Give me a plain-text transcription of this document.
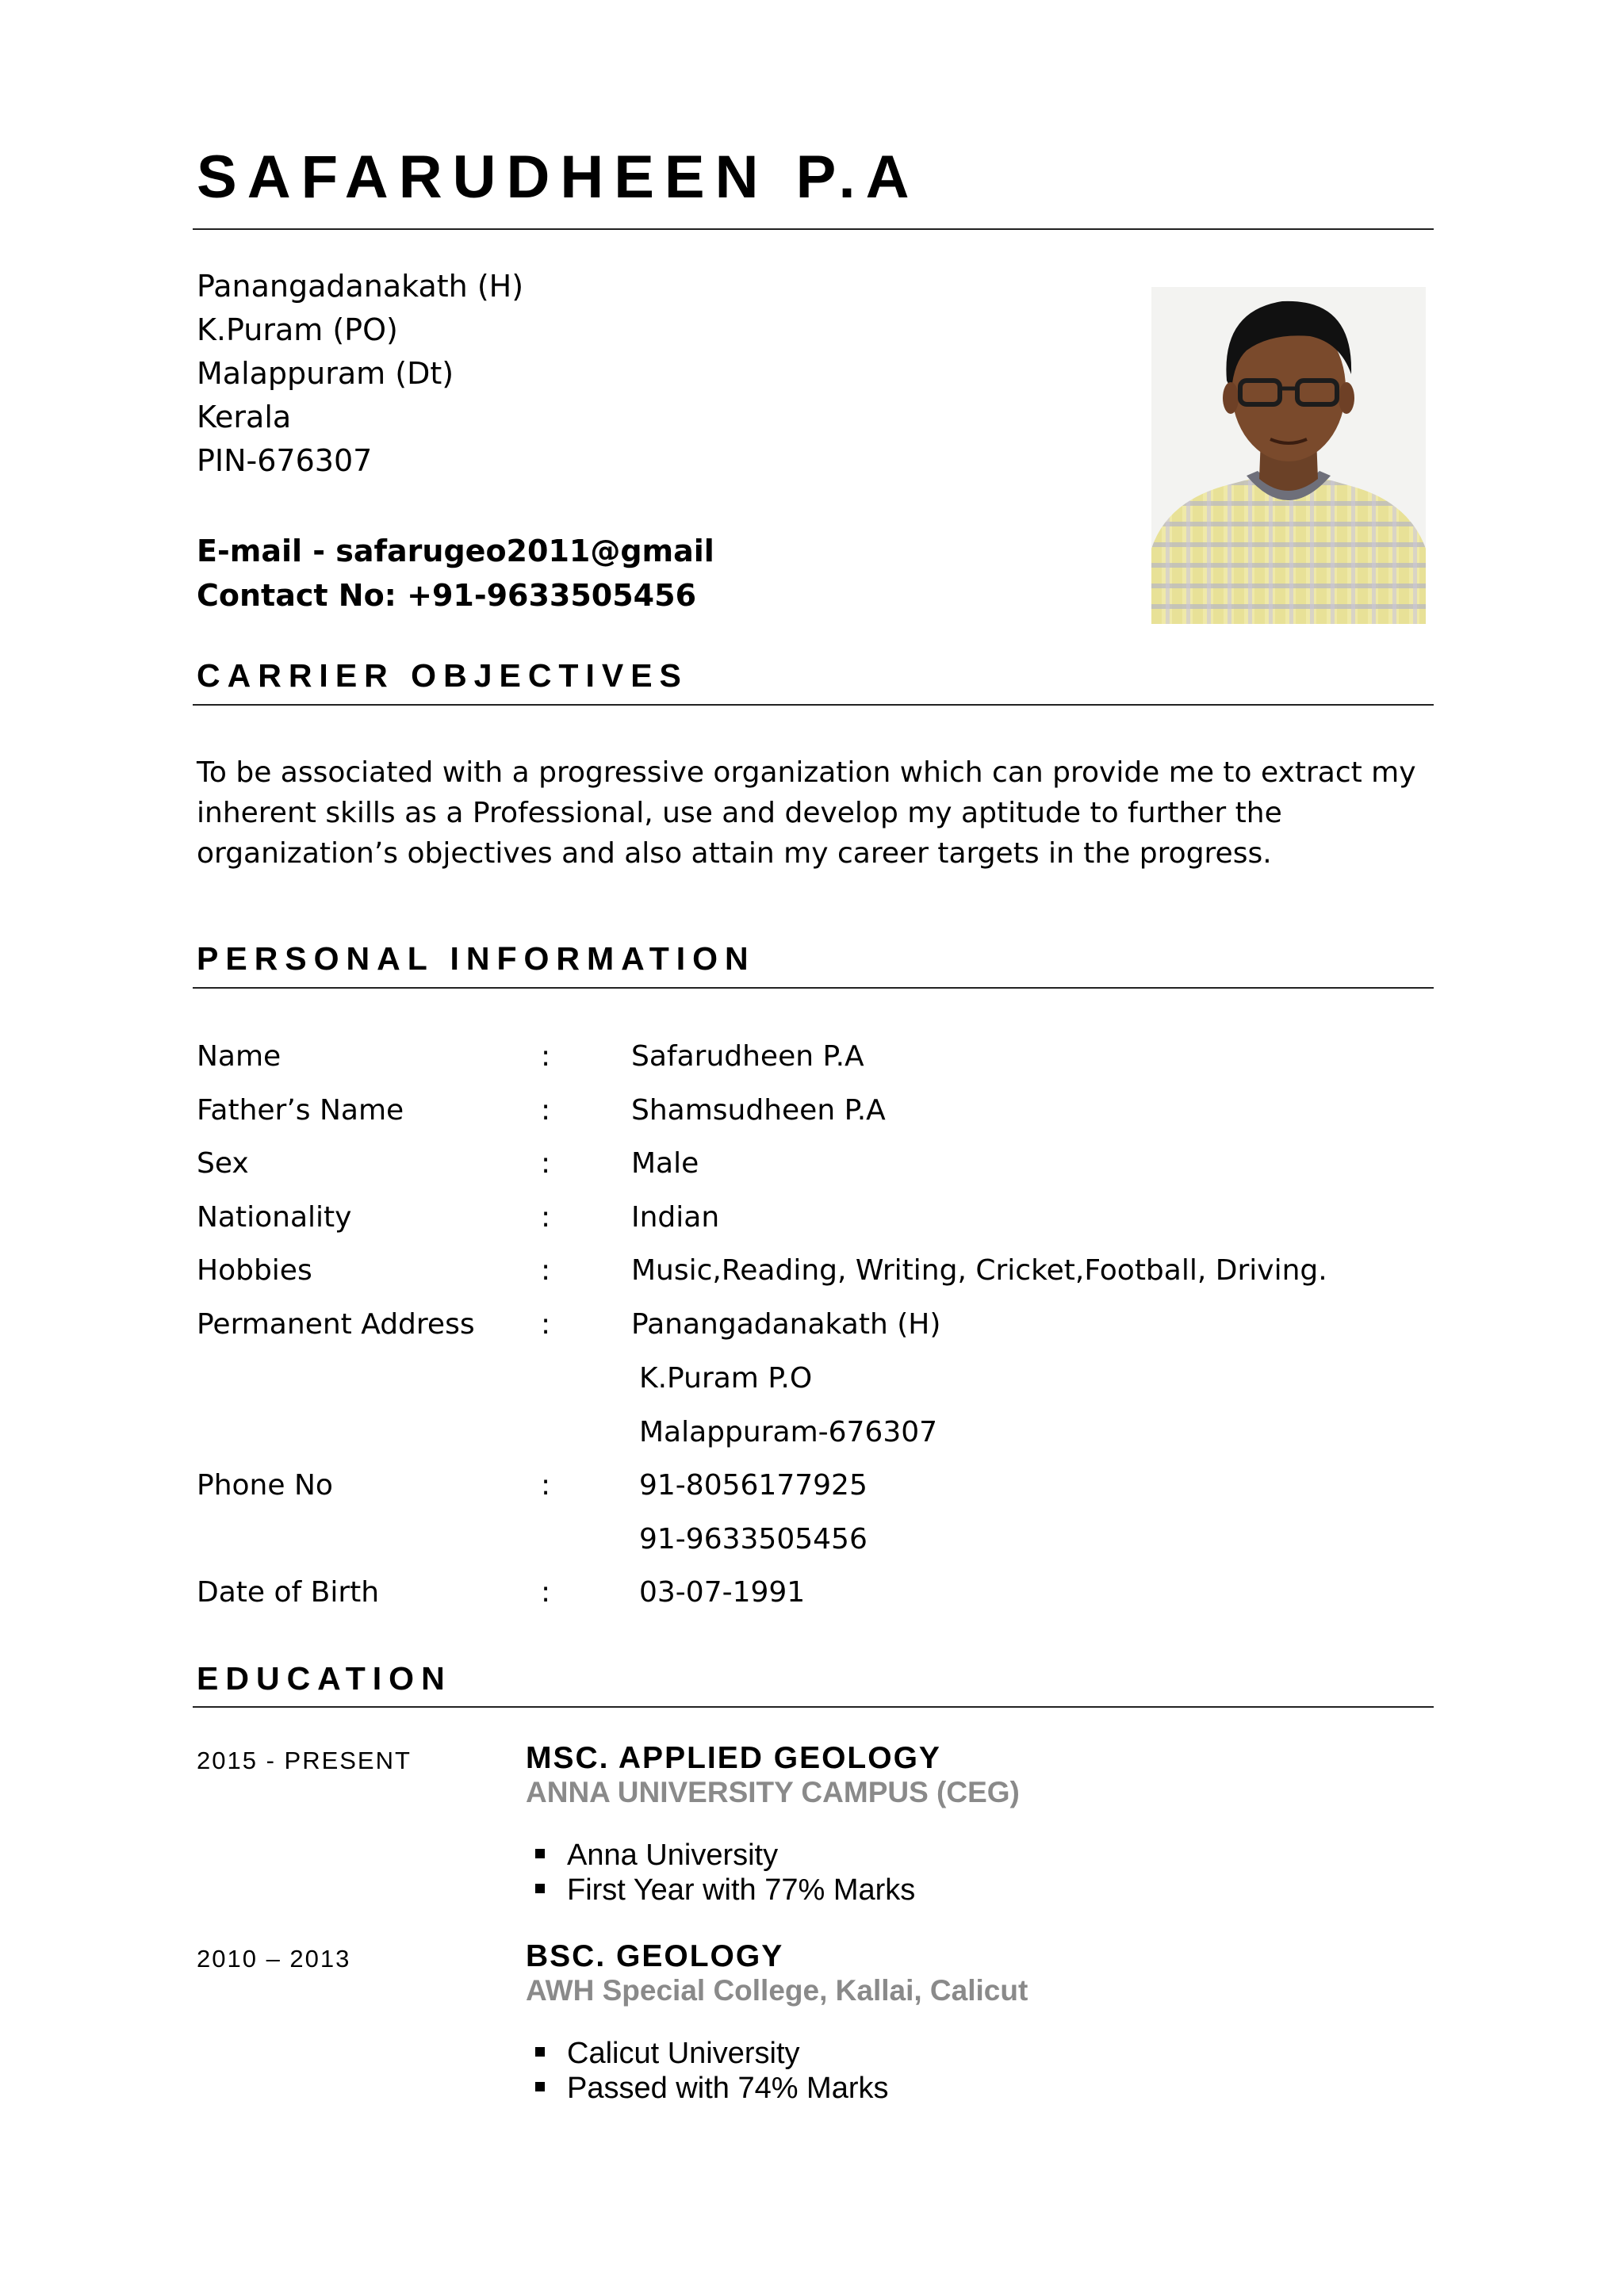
SAFARUDHEEN P.A
Panangadanakath (H)
K.Puram (PO)
Malappuram (Dt)
Kerala
PIN-676307
E-mail - safarugeo2011@gmail
Contact No: +91-9633505456
CARRIER OBJECTIVES
To be associated with a progressive organization which can provide me to extract my inherent skills as a Professional, use and develop my aptitude to further the organization’s objectives and also attain my career targets in the progress.
PERSONAL INFORMATION
Name	:	Safarudheen P.A
Father’s Name	:	Shamsudheen P.A
Sex	:	Male
Nationality	:	Indian
Hobbies	:	Music,Reading, Writing, Cricket,Football, Driving.
Permanent Address :	Panangadanakath (H)
K.Puram P.O
Malappuram-676307
Phone No	:	91-8056177925
91-9633505456
Date of Birth	:	03-07-1991
EDUCATION
2015 - PRESENT	MSC. APPLIED GEOLOGY
ANNA UNIVERSITY CAMPUS (CEG)
Anna University
First Year with 77% Marks
2010 – 2013	BSC. GEOLOGY
AWH Special College, Kallai, Calicut
Calicut University
Passed with 74% Marks
